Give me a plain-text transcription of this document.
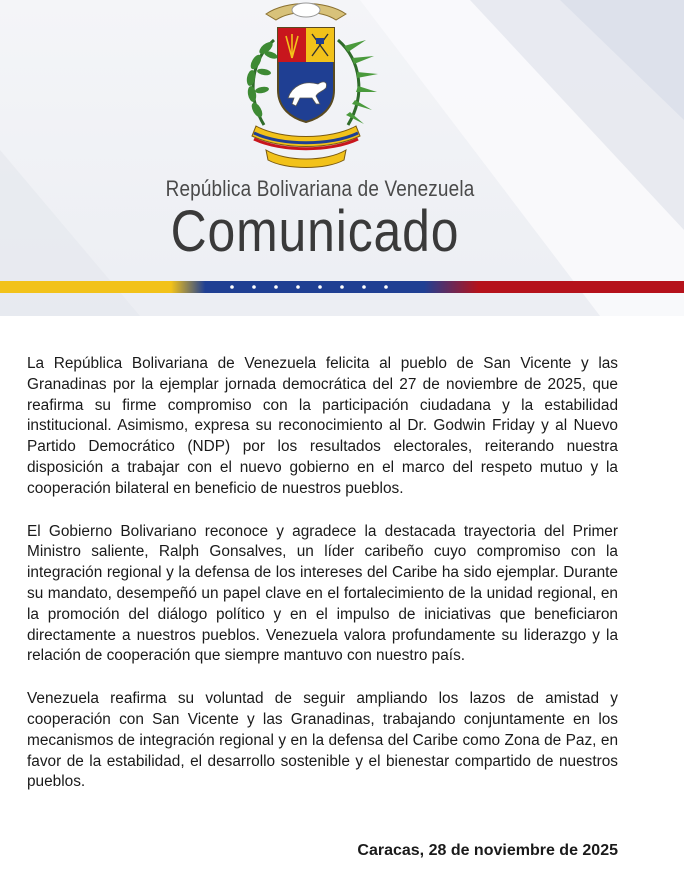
República Bolivariana de Venezuela
Comunicado

La República Bolivariana de Venezuela felicita al pueblo de San Vicente y las Granadinas por la ejemplar jornada democrática del 27 de noviembre de 2025, que reafirma su firme compromiso con la participación ciudadana y la estabilidad institucional. Asimismo, expresa su reconocimiento al Dr. Godwin Friday y al Nuevo Partido Democrático (NDP) por los resultados electorales, reiterando nuestra disposición a trabajar con el nuevo gobierno en el marco del respeto mutuo y la cooperación bilateral en beneficio de nuestros pueblos.

El Gobierno Bolivariano reconoce y agradece la destacada trayectoria del Primer Ministro saliente, Ralph Gonsalves, un líder caribeño cuyo compromiso con la integración regional y la defensa de los intereses del Caribe ha sido ejemplar. Durante su mandato, desempeñó un papel clave en el fortalecimiento de la unidad regional, en la promoción del diálogo político y en el impulso de iniciativas que beneficiaron directamente a nuestros pueblos. Venezuela valora profundamente su liderazgo y la relación de cooperación que siempre mantuvo con nuestro país.

Venezuela reafirma su voluntad de seguir ampliando los lazos de amistad y cooperación con San Vicente y las Granadinas, trabajando conjuntamente en los mecanismos de integración regional y en la defensa del Caribe como Zona de Paz, en favor de la estabilidad, el desarrollo sostenible y el bienestar compartido de nuestros pueblos.

Caracas, 28 de noviembre de 2025
